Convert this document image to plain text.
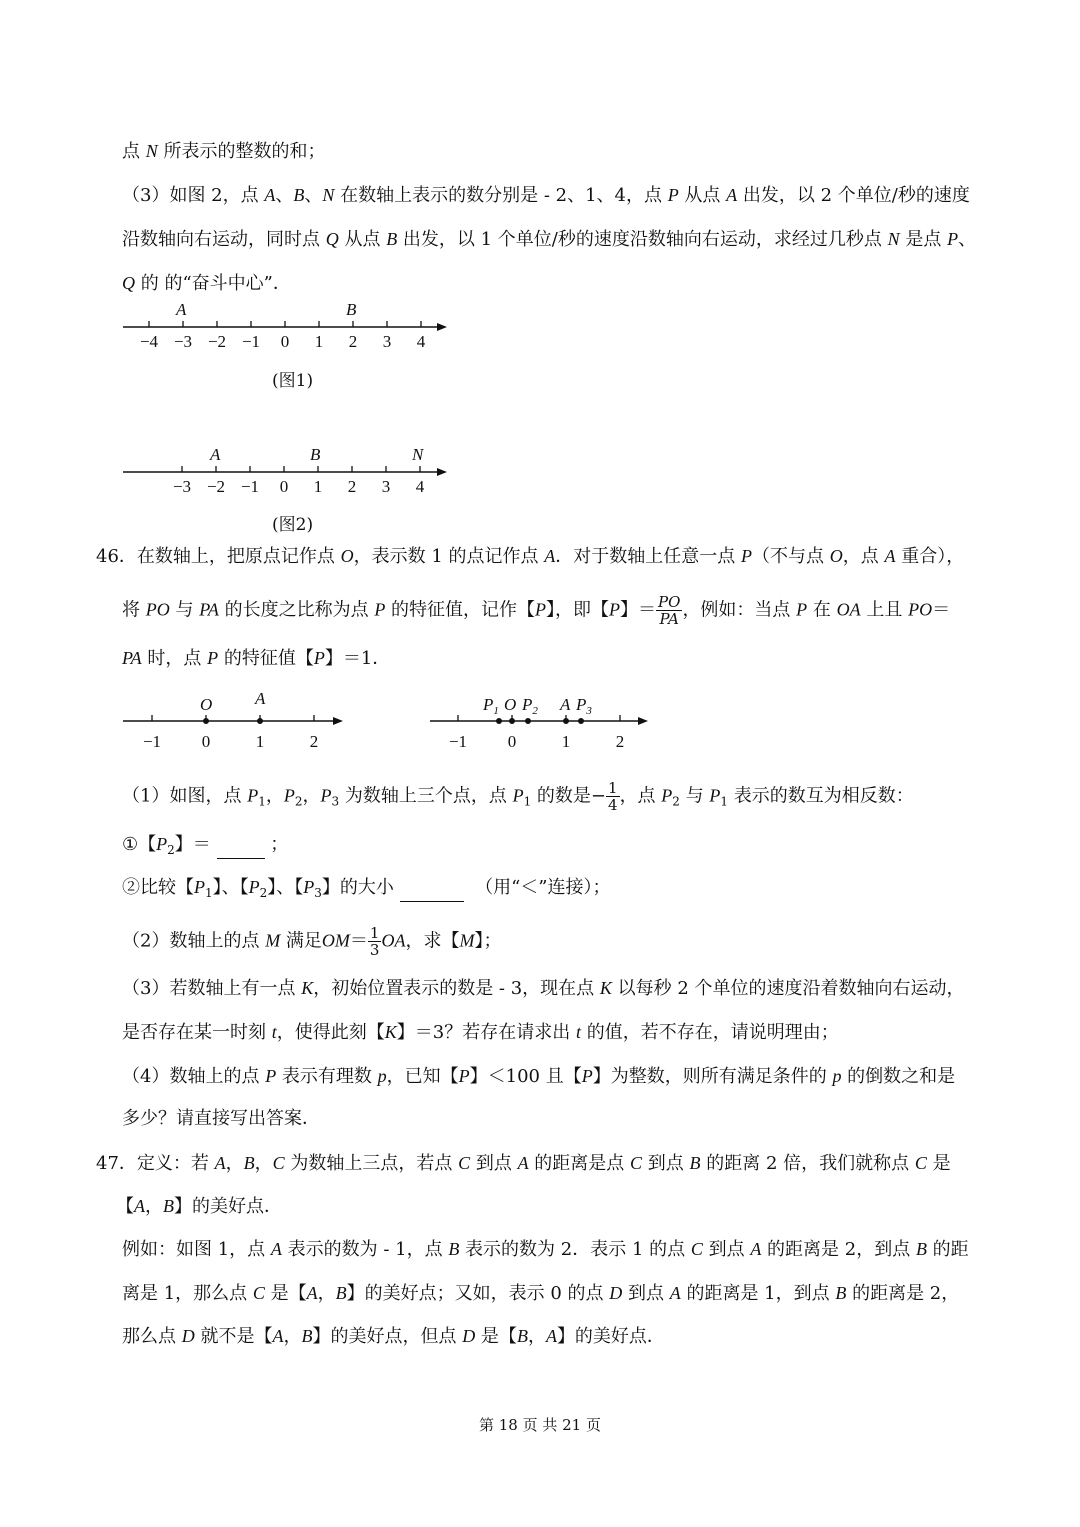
点 N 所表示的整数的和；
（3）如图 2，点 A、B、N 在数轴上表示的数分别是 - 2、1、4，点 P 从点 A 出发，以 2 个单位/秒的速度
沿数轴向右运动，同时点 Q 从点 B 出发，以 1 个单位/秒的速度沿数轴向右运动，求经过几秒点 N 是点 P、
Q 的 的“奋斗中心”．
−4 −3 −2 −1 0 1 2 3 4
A	B
(图1)
−3 −2 −1 0 1 2 3 4
A	B	N
(图2)
46．在数轴上，把原点记作点 O，表示数 1 的点记作点 A．对于数轴上任意一点 P（不与点 O，点 A 重合），
将 PO 与 PA 的长度之比称为点 P 的特征值，记作【P】，即【P】＝ $\frac{PO}{PA}$ ，例如：当点 P 在 OA 上且 PO＝
PA 时，点 P 的特征值【P】＝1．
−1 0	1	2
O	A
−1 0	1	2
$P_1$ O $P_2$ A $P_3$
（1）如图，点 $P_1$，$P_2$，$P_3$ 为数轴上三个点，点 $P_1$ 的数是− $\frac{1}{4}$ ，点 $P_2$ 与 $P_1$ 表示的数互为相反数：
①【$P_2$】＝	；
②比较【$P_1$】、【$P_2$】、【$P_3$】的大小	（用“＜”连接）；
（2）数轴上的点 M 满足$OM= \frac{1}{3}$ OA，求【M】；
（3）若数轴上有一点 K，初始位置表示的数是 - 3，现在点 K 以每秒 2 个单位的速度沿着数轴向右运动，
是否存在某一时刻 t，使得此刻【K】＝3？若存在请求出 t 的值，若不存在，请说明理由；
（4）数轴上的点 P 表示有理数 p，已知【P】＜100 且【P】为整数，则所有满足条件的 p 的倒数之和是
多少？请直接写出答案．
47．定义：若 A，B，C 为数轴上三点，若点 C 到点 A 的距离是点 C 到点 B 的距离 2 倍，我们就称点 C 是
【A，B】的美好点．
例如：如图 1，点 A 表示的数为 - 1，点 B 表示的数为 2．表示 1 的点 C 到点 A 的距离是 2，到点 B 的距
离是 1，那么点 C 是【A，B】的美好点；又如，表示 0 的点 D 到点 A 的距离是 1，到点 B 的距离是 2，
那么点 D 就不是【A，B】的美好点，但点 D 是【B，A】的美好点．
第 18 页 共 21 页
